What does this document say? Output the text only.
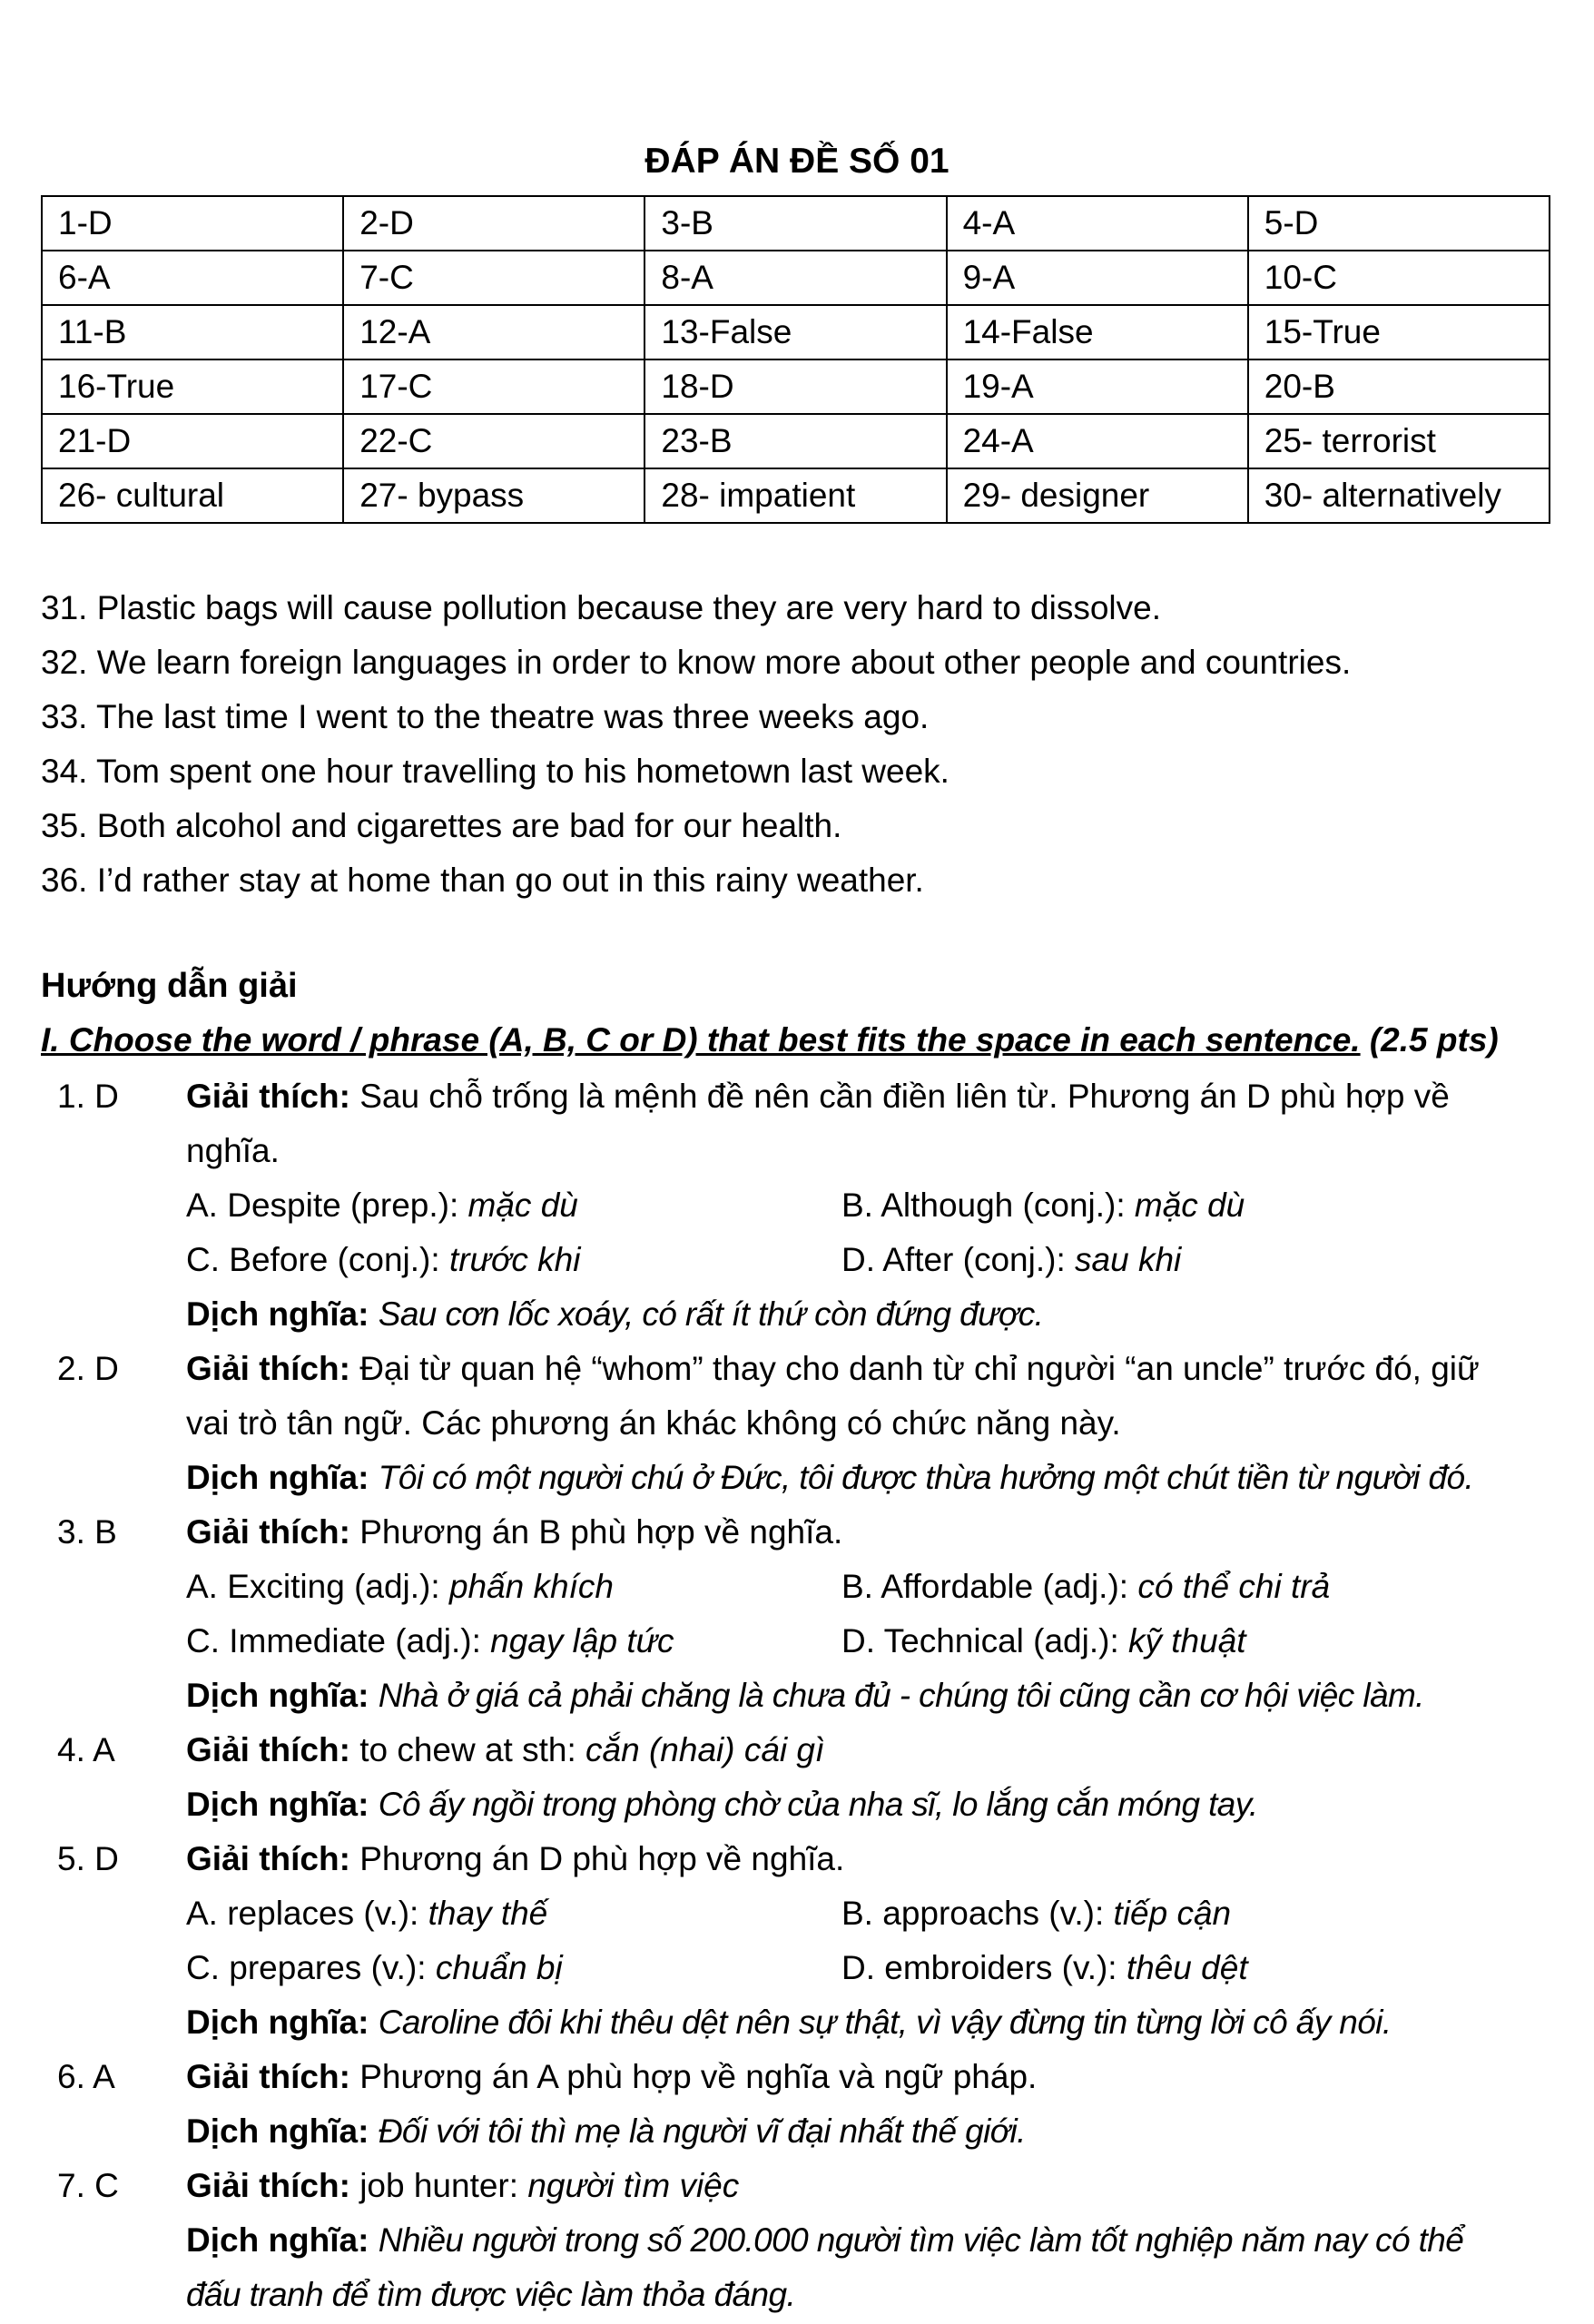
ĐÁP ÁN ĐỀ SỐ 01
1-D	2-D	3-B	4-A	5-D
6-A	7-C	8-A	9-A	10-C
11-B	12-A	13-False	14-False	15-True
16-True	17-C	18-D	19-A	20-B
21-D	22-C	23-B	24-A	25- terrorist
26- cultural	27- bypass	28- impatient	29- designer	30- alternatively
31. Plastic bags will cause pollution because they are very hard to dissolve.
32. We learn foreign languages in order to know more about other people and countries.
33. The last time I went to the theatre was three weeks ago.
34. Tom spent one hour travelling to his hometown last week.
35. Both alcohol and cigarettes are bad for our health.
36. I’d rather stay at home than go out in this rainy weather.
Hướng dẫn giải
I. Choose the word / phrase (A, B, C or D) that best fits the space in each sentence. (2.5 pts)
1. D Giải thích: Sau chỗ trống là mệnh đề nên cần điền liên từ. Phương án D phù hợp về
nghĩa.
A. Despite (prep.): mặc dù	B. Although (conj.): mặc dù
C. Before (conj.): trước khi	D. After (conj.): sau khi
Dịch nghĩa: Sau cơn lốc xoáy, có rất ít thứ còn đứng được.
2. D Giải thích: Đại từ quan hệ “whom” thay cho danh từ chỉ người “an uncle” trước đó, giữ
vai trò tân ngữ. Các phương án khác không có chức năng này.
Dịch nghĩa: Tôi có một người chú ở Đức, tôi được thừa hưởng một chút tiền từ người đó.
3. B Giải thích: Phương án B phù hợp về nghĩa.
A. Exciting (adj.): phấn khích	B. Affordable (adj.): có thể chi trả
C. Immediate (adj.): ngay lập tức	D. Technical (adj.): kỹ thuật
Dịch nghĩa: Nhà ở giá cả phải chăng là chưa đủ - chúng tôi cũng cần cơ hội việc làm.
4. A Giải thích: to chew at sth: cắn (nhai) cái gì
Dịch nghĩa: Cô ấy ngồi trong phòng chờ của nha sĩ, lo lắng cắn móng tay.
5. D Giải thích: Phương án D phù hợp về nghĩa.
A. replaces (v.): thay thế	B. approachs (v.): tiếp cận
C. prepares (v.): chuẩn bị	D. embroiders (v.): thêu dệt
Dịch nghĩa: Caroline đôi khi thêu dệt nên sự thật, vì vậy đừng tin từng lời cô ấy nói.
6. A Giải thích: Phương án A phù hợp về nghĩa và ngữ pháp.
Dịch nghĩa: Đối với tôi thì mẹ là người vĩ đại nhất thế giới.
7. C Giải thích: job hunter: người tìm việc
Dịch nghĩa: Nhiều người trong số 200.000 người tìm việc làm tốt nghiệp năm nay có thể
đấu tranh để tìm được việc làm thỏa đáng.
